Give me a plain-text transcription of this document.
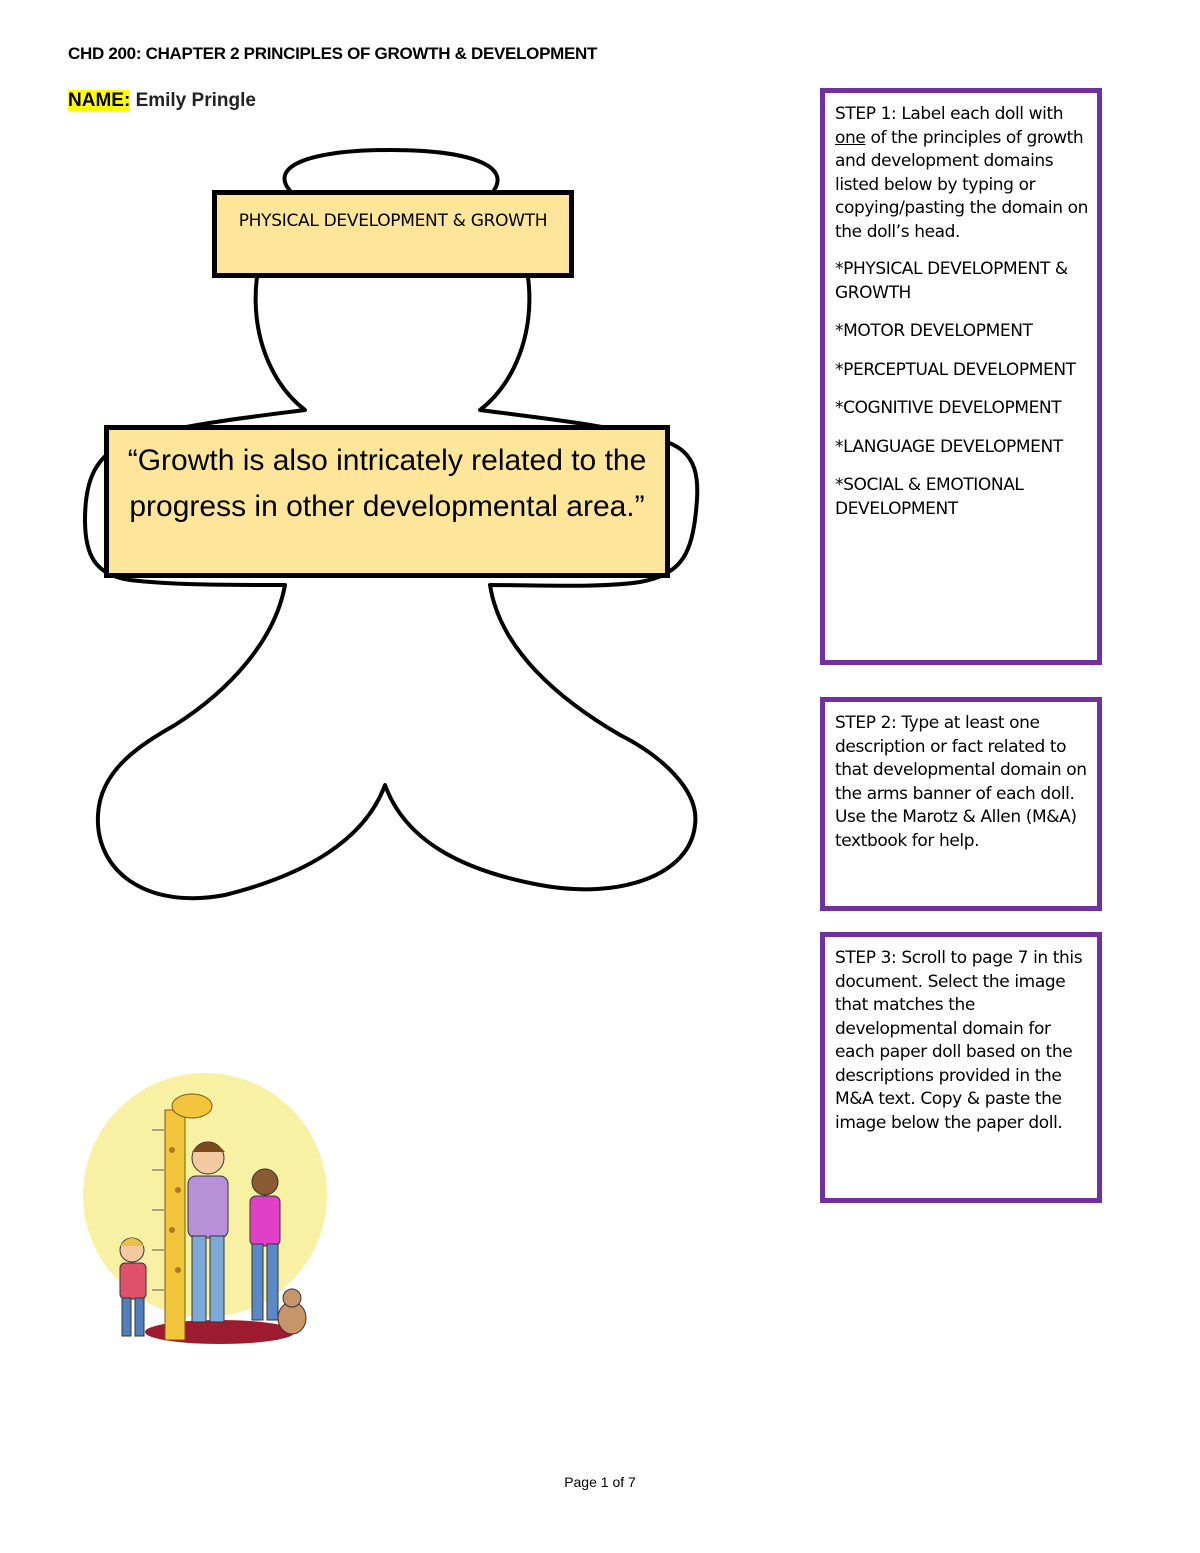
CHD 200: CHAPTER 2 PRINCIPLES OF GROWTH & DEVELOPMENT
NAME: Emily Pringle
PHYSICAL DEVELOPMENT & GROWTH
“Growth is also intricately related to the progress in other developmental area.”

STEP 1: Label each doll with one of the principles of growth and development domains listed below by typing or copying/pasting the domain on the doll’s head.

*PHYSICAL DEVELOPMENT & GROWTH
*MOTOR DEVELOPMENT
*PERCEPTUAL DEVELOPMENT
*COGNITIVE DEVELOPMENT
*LANGUAGE DEVELOPMENT
*SOCIAL & EMOTIONAL DEVELOPMENT

STEP 2: Type at least one description or fact related to that developmental domain on the arms banner of each doll. Use the Marotz & Allen (M&A) textbook for help.

STEP 3: Scroll to page 7 in this document. Select the image that matches the developmental domain for each paper doll based on the descriptions provided in the M&A text. Copy & paste the image below the paper doll.

Page 1 of 7
